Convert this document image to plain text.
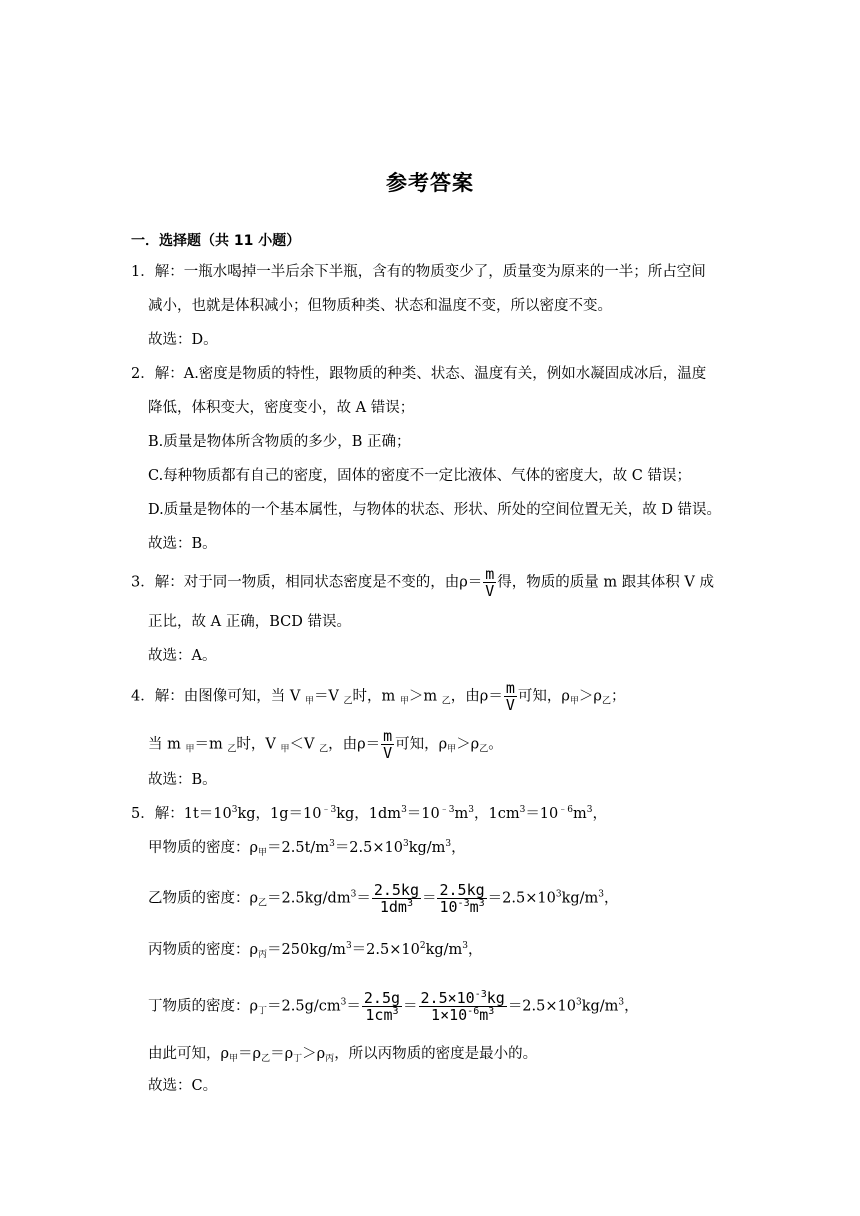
参考答案
一．选择题（共 11 小题）
1．解：一瓶水喝掉一半后余下半瓶，含有的物质变少了，质量变为原来的一半；所占空间
减小，也就是体积减小；但物质种类、状态和温度不变，所以密度不变。
故选：D。
2．解：A.密度是物质的特性，跟物质的种类、状态、温度有关，例如水凝固成冰后，温度
降低，体积变大，密度变小，故 A 错误；
B.质量是物体所含物质的多少，B 正确；
C.每种物质都有自己的密度，固体的密度不一定比液体、气体的密度大，故 C 错误；
D.质量是物体的一个基本属性，与物体的状态、形状、所处的空间位置无关，故 D 错误。
故选：B。
3．解：对于同一物质，相同状态密度是不变的，由$\rho= \frac{m}{V}$ 得，物质的质量 m 跟其体积 V 成
正比，故 A 正确，BCD 错误。
故选：A。
4．解：由图像可知，当 V $_甲$＝V $_乙$时，m $_甲$＞m $_乙$，由$\rho= \frac{m}{V}$ 可知，$\rho_甲>\rho_乙$；
当 m $_甲$＝m $_乙$时，V $_甲$＜V $_乙$，由$\rho= \frac{m}{V}$ 可知，$\rho_甲>\rho_乙$。
故选：B。
5．解：$1t=10^3kg$，$1g=10^{﹣3}kg$，$1dm^3=10^{﹣3}m^3$，$1cm^3=10^{﹣6}m^3$，
甲物质的密度：$\rho_甲=2.5t/m^3=2.5\times 10^3kg/m^3$，
乙物质的密度：$\rho_乙=2.5kg/dm^3= \frac{2.5kg}{1dm^3} = \frac{2.5kg}{10^{-3}m^3} =2.5\times 10^3kg/m^3$，
丙物质的密度：$\rho_丙=250kg/m^3=2.5\times 10^2kg/m^3$，
丁物质的密度：$\rho_丁=2.5g/cm^3= \frac{2.5g}{1cm^3} = \frac{2.5\times 10^{-3}kg}{1\times 10^{-6}m^3} =2.5\times 10^3kg/m^3$，
由此可知，$\rho_甲=\rho_乙=\rho_丁>\rho_丙$，所以丙物质的密度是最小的。
故选：C。
